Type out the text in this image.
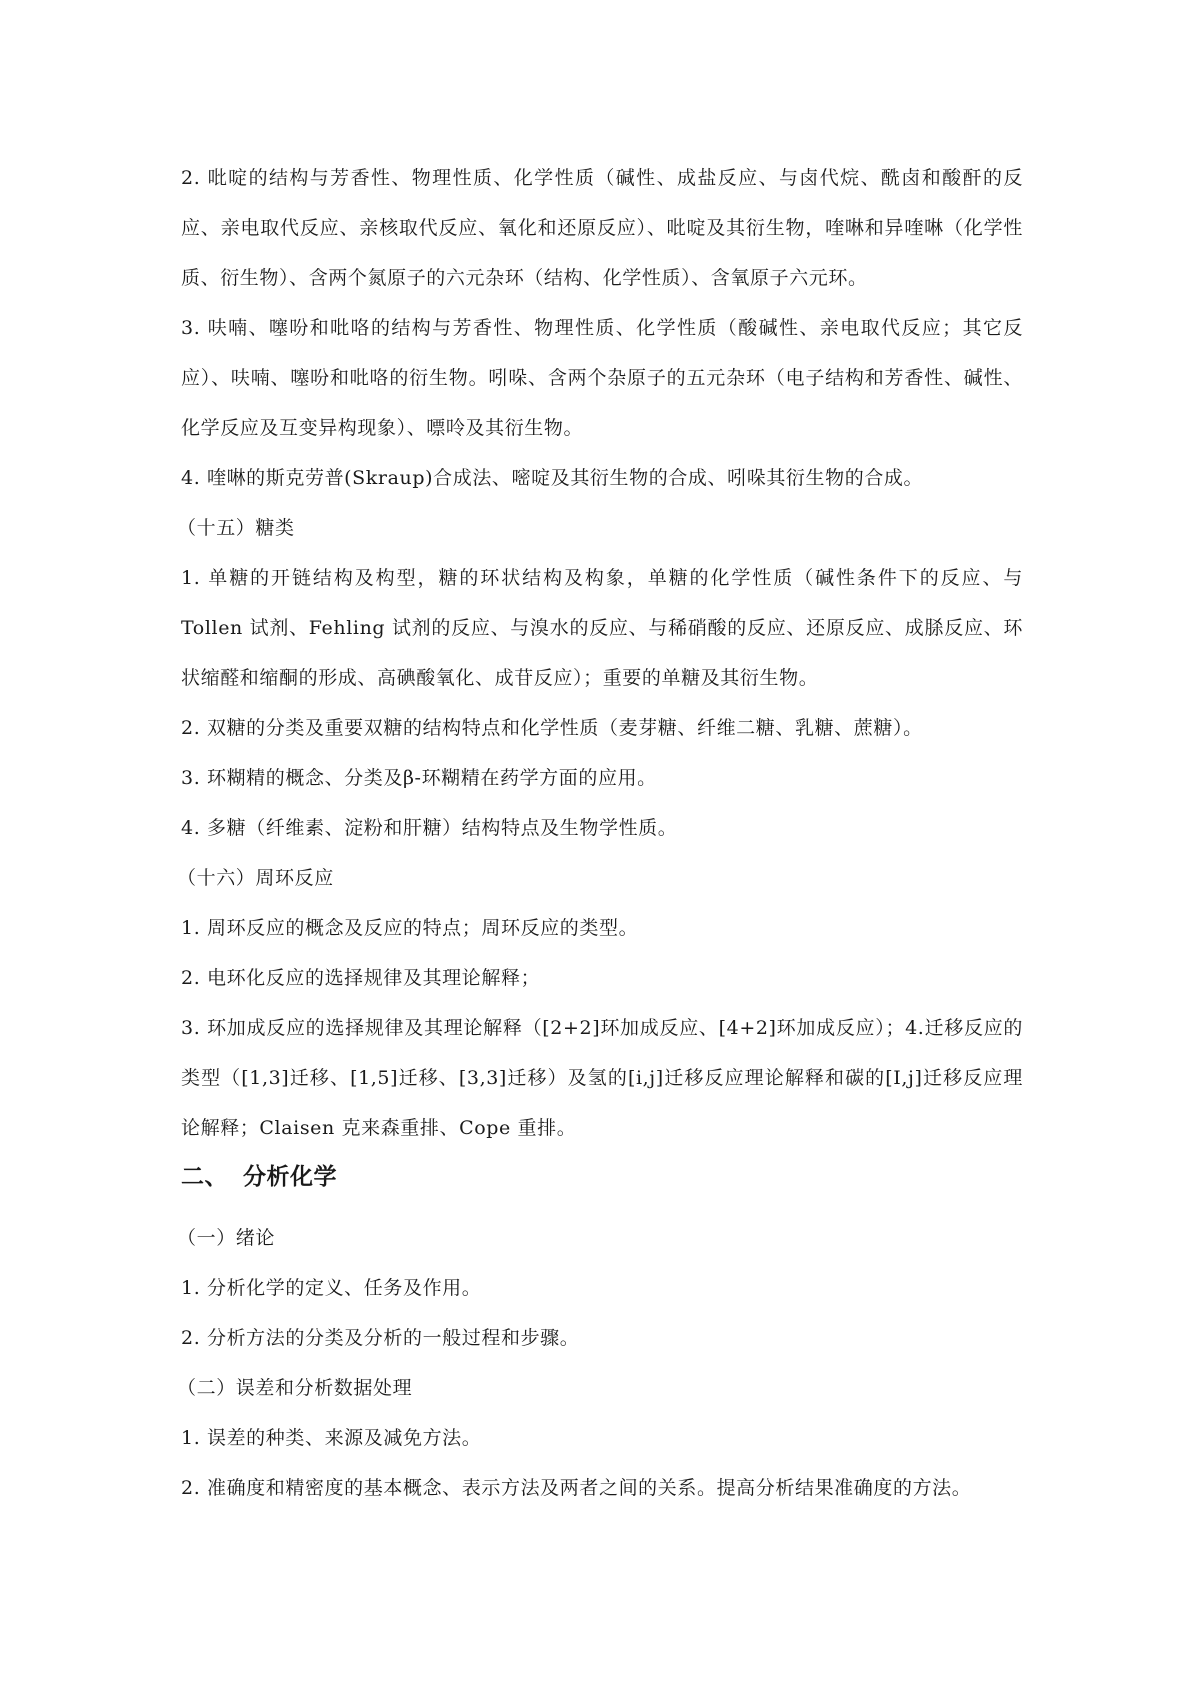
2. 吡啶的结构与芳香性、物理性质、化学性质（碱性、成盐反应、与卤代烷、酰卤和酸酐的反应、亲电取代反应、亲核取代反应、氧化和还原反应）、吡啶及其衍生物，喹啉和异喹啉（化学性质、衍生物）、含两个氮原子的六元杂环（结构、化学性质）、含氧原子六元环。

3. 呋喃、噻吩和吡咯的结构与芳香性、物理性质、化学性质（酸碱性、亲电取代反应；其它反应）、呋喃、噻吩和吡咯的衍生物。吲哚、含两个杂原子的五元杂环（电子结构和芳香性、碱性、化学反应及互变异构现象）、嘌呤及其衍生物。

4. 喹啉的斯克劳普(Skraup)合成法、嘧啶及其衍生物的合成、吲哚其衍生物的合成。

（十五）糖类

1. 单糖的开链结构及构型，糖的环状结构及构象，单糖的化学性质（碱性条件下的反应、与 Tollen 试剂、Fehling 试剂的反应、与溴水的反应、与稀硝酸的反应、还原反应、成脎反应、环状缩醛和缩酮的形成、高碘酸氧化、成苷反应）；重要的单糖及其衍生物。

2. 双糖的分类及重要双糖的结构特点和化学性质（麦芽糖、纤维二糖、乳糖、蔗糖）。

3. 环糊精的概念、分类及β-环糊精在药学方面的应用。

4. 多糖（纤维素、淀粉和肝糖）结构特点及生物学性质。

（十六）周环反应

1. 周环反应的概念及反应的特点；周环反应的类型。

2. 电环化反应的选择规律及其理论解释；

3. 环加成反应的选择规律及其理论解释（[2+2]环加成反应、[4+2]环加成反应）；4.迁移反应的类型（[1,3]迁移、[1,5]迁移、[3,3]迁移）及氢的[i,j]迁移反应理论解释和碳的[I,j]迁移反应理论解释；Claisen 克来森重排、Cope 重排。

二、 分析化学

（一）绪论

1. 分析化学的定义、任务及作用。

2. 分析方法的分类及分析的一般过程和步骤。

（二）误差和分析数据处理

1. 误差的种类、来源及减免方法。

2. 准确度和精密度的基本概念、表示方法及两者之间的关系。提高分析结果准确度的方法。
